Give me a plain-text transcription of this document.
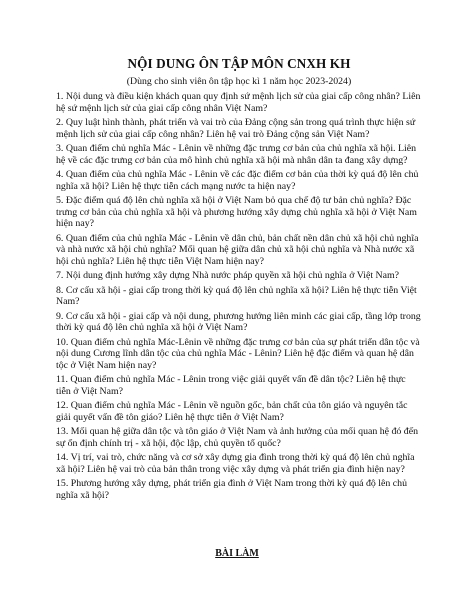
NỘI DUNG ÔN TẬP MÔN CNXH KH
(Dùng cho sinh viên ôn tập học kì 1 năm học 2023-2024)
1. Nội dung và điều kiện khách quan quy định sứ mệnh lịch sử của giai cấp công nhân? Liên hệ sứ mệnh lịch sử của giai cấp công nhân Việt Nam?
2. Quy luật hình thành, phát triển và vai trò của Đảng cộng sản trong quá trình thực hiện sứ mệnh lịch sử của giai cấp công nhân? Liên hệ vai trò Đảng cộng sản Việt Nam?
3. Quan điểm chủ nghĩa Mác - Lênin về những đặc trưng cơ bản của chủ nghĩa xã hội. Liên hệ về các đặc trưng cơ bản của mô hình chủ nghĩa xã hội mà nhân dân ta đang xây dựng?
4. Quan điểm của chủ nghĩa Mác - Lênin về các đặc điểm cơ bản của thời kỳ quá độ lên chủ nghĩa xã hội? Liên hệ thực tiễn cách mạng nước ta hiện nay?
5. Đặc điểm quá độ lên chủ nghĩa xã hội ở Việt Nam bỏ qua chế độ tư bản chủ nghĩa? Đặc trưng cơ bản của chủ nghĩa xã hội và phương hướng xây dựng chủ nghĩa xã hội ở Việt Nam hiện nay?
6. Quan điểm của chủ nghĩa Mác - Lênin về dân chủ, bản chất nền dân chủ xã hội chủ nghĩa và nhà nước xã hội chủ nghĩa? Mối quan hệ giữa dân chủ xã hội chủ nghĩa và Nhà nước xã hội chủ nghĩa? Liên hệ thực tiễn Việt Nam hiện nay?
7. Nội dung định hướng xây dựng Nhà nước pháp quyền xã hội chủ nghĩa ở Việt Nam?
8. Cơ cấu xã hội - giai cấp trong thời kỳ quá độ lên chủ nghĩa xã hội? Liên hệ thực tiễn Việt Nam?
9. Cơ cấu xã hội - giai cấp và nội dung, phương hướng liên minh các giai cấp, tầng lớp trong thời kỳ quá độ lên chủ nghĩa xã hội ở Việt Nam?
10. Quan điểm chủ nghĩa Mác-Lênin về những đặc trưng cơ bản của sự phát triển dân tộc và nội dung Cương lĩnh dân tộc của chủ nghĩa Mác - Lênin? Liên hệ đặc điểm và quan hệ dân tộc ở Việt Nam hiện nay?
11. Quan điểm chủ nghĩa Mác - Lênin trong việc giải quyết vấn đề dân tộc? Liên hệ thực tiễn ở Việt Nam?
12. Quan điểm chủ nghĩa Mác - Lênin về nguồn gốc, bản chất của tôn giáo và nguyên tắc giải quyết vấn đề tôn giáo? Liên hệ thực tiễn ở Việt Nam?
13. Mối quan hệ giữa dân tộc và tôn giáo ở Việt Nam và ảnh hưởng của mối quan hệ đó đến sự ổn định chính trị - xã hội, độc lập, chủ quyền tổ quốc?
14. Vị trí, vai trò, chức năng và cơ sở xây dựng gia đình trong thời kỳ quá độ lên chủ nghĩa xã hội? Liên hệ vai trò của bản thân trong việc xây dựng và phát triển gia đình hiện nay?
15. Phương hướng xây dựng, phát triển gia đình ở Việt Nam trong thời kỳ quá độ lên chủ nghĩa xã hội?
BÀI LÀM
